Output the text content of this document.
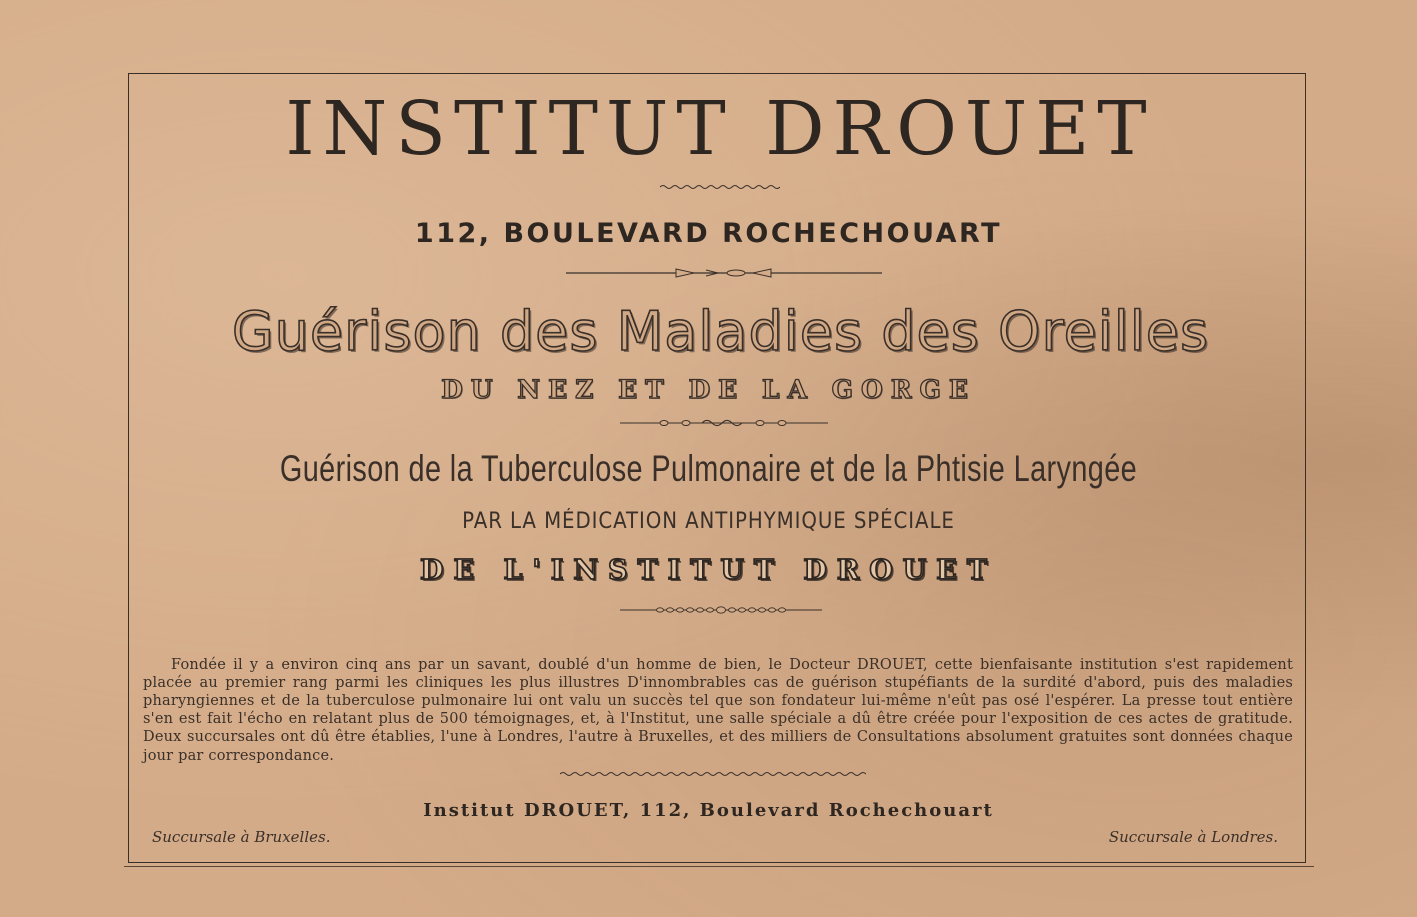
INSTITUT DROUET
112, BOULEVARD ROCHECHOUART
Guérison des Maladies des Oreilles
DU NEZ ET DE LA GORGE
Guérison de la Tuberculose Pulmonaire et de la Phtisie Laryngée
PAR LA MÉDICATION ANTIPHYMIQUE SPÉCIALE
DE L'INSTITUT DROUET

Fondée il y a environ cinq ans par un savant, doublé d'un homme de bien, le Docteur DROUET, cette bienfaisante institution s'est rapidement placée au premier rang parmi les cliniques les plus illustres D'innombrables cas de guérison stupéfiants de la surdité d'abord, puis des maladies pharyngiennes et de la tuberculose pulmonaire lui ont valu un succès tel que son fondateur lui-même n'eût pas osé l'espérer. La presse tout entière s'en est fait l'écho en relatant plus de 500 témoignages, et, à l'Institut, une salle spéciale a dû être créée pour l'exposition de ces actes de gratitude. Deux succursales ont dû être établies, l'une à Londres, l'autre à Bruxelles, et des milliers de Consultations absolument gratuites sont données chaque jour par correspondance.

Institut DROUET, 112, Boulevard Rochechouart
Succursale à Bruxelles.	Succursale à Londres.
